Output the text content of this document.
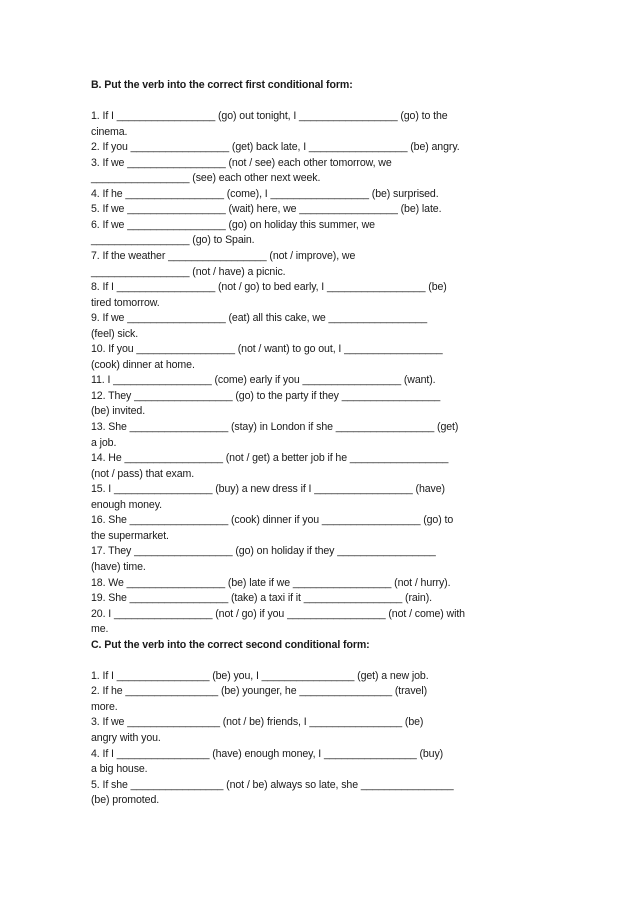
B. Put the verb into the correct first conditional form:
1. If I _________________ (go) out tonight, I _________________ (go) to the
cinema.
2. If you _________________ (get) back late, I _________________ (be) angry.
3. If we _________________ (not / see) each other tomorrow, we
_________________ (see) each other next week.
4. If he _________________ (come), I _________________ (be) surprised.
5. If we _________________ (wait) here, we _________________ (be) late.
6. If we _________________ (go) on holiday this summer, we
_________________ (go) to Spain.
7. If the weather _________________ (not / improve), we
_________________ (not / have) a picnic.
8. If I _________________ (not / go) to bed early, I _________________ (be)
tired tomorrow.
9. If we _________________ (eat) all this cake, we _________________
(feel) sick.
10. If you _________________ (not / want) to go out, I _________________
(cook) dinner at home.
11. I _________________ (come) early if you _________________ (want).
12. They _________________ (go) to the party if they _________________
(be) invited.
13. She _________________ (stay) in London if she _________________ (get)
a job.
14. He _________________ (not / get) a better job if he _________________
(not / pass) that exam.
15. I _________________ (buy) a new dress if I _________________ (have)
enough money.
16. She _________________ (cook) dinner if you _________________ (go) to
the supermarket.
17. They _________________ (go) on holiday if they _________________
(have) time.
18. We _________________ (be) late if we _________________ (not / hurry).
19. She _________________ (take) a taxi if it _________________ (rain).
20. I _________________ (not / go) if you _________________ (not / come) with
me.
C. Put the verb into the correct second conditional form:
1. If I ________________ (be) you, I ________________ (get) a new job.
2. If he ________________ (be) younger, he ________________ (travel)
more.
3. If we ________________ (not / be) friends, I ________________ (be)
angry with you.
4. If I ________________ (have) enough money, I ________________ (buy)
a big house.
5. If she ________________ (not / be) always so late, she ________________
(be) promoted.
